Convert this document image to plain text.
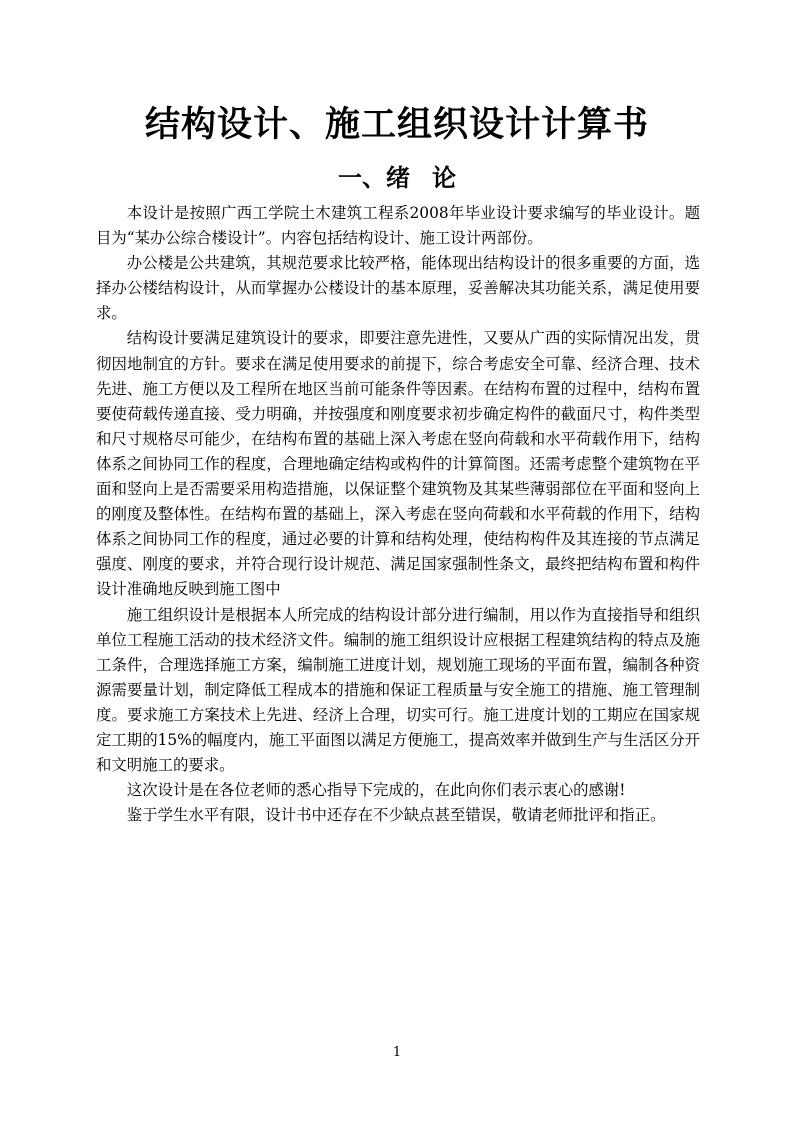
结构设计、施工组织设计计算书
一、绪 论

本设计是按照广西工学院土木建筑工程系2008年毕业设计要求编写的毕业设计。题目为“某办公综合楼设计”。内容包括结构设计、施工设计两部份。

办公楼是公共建筑，其规范要求比较严格，能体现出结构设计的很多重要的方面，选择办公楼结构设计，从而掌握办公楼设计的基本原理，妥善解决其功能关系，满足使用要求。

结构设计要满足建筑设计的要求，即要注意先进性，又要从广西的实际情况出发，贯彻因地制宜的方针。要求在满足使用要求的前提下，综合考虑安全可靠、经济合理、技术先进、施工方便以及工程所在地区当前可能条件等因素。在结构布置的过程中，结构布置要使荷载传递直接、受力明确，并按强度和刚度要求初步确定构件的截面尺寸，构件类型和尺寸规格尽可能少，在结构布置的基础上深入考虑在竖向荷载和水平荷载作用下，结构体系之间协同工作的程度，合理地确定结构或构件的计算简图。还需考虑整个建筑物在平面和竖向上是否需要采用构造措施，以保证整个建筑物及其某些薄弱部位在平面和竖向上的刚度及整体性。在结构布置的基础上，深入考虑在竖向荷载和水平荷载的作用下，结构体系之间协同工作的程度，通过必要的计算和结构处理，使结构构件及其连接的节点满足强度、刚度的要求，并符合现行设计规范、满足国家强制性条文，最终把结构布置和构件设计准确地反映到施工图中

施工组织设计是根据本人所完成的结构设计部分进行编制，用以作为直接指导和组织单位工程施工活动的技术经济文件。编制的施工组织设计应根据工程建筑结构的特点及施工条件，合理选择施工方案，编制施工进度计划，规划施工现场的平面布置，编制各种资源需要量计划，制定降低工程成本的措施和保证工程质量与安全施工的措施、施工管理制度。要求施工方案技术上先进、经济上合理，切实可行。施工进度计划的工期应在国家规定工期的15%的幅度内，施工平面图以满足方便施工，提高效率并做到生产与生活区分开和文明施工的要求。

这次设计是在各位老师的悉心指导下完成的，在此向你们表示衷心的感谢!

鉴于学生水平有限，设计书中还存在不少缺点甚至错误，敬请老师批评和指正。

1
